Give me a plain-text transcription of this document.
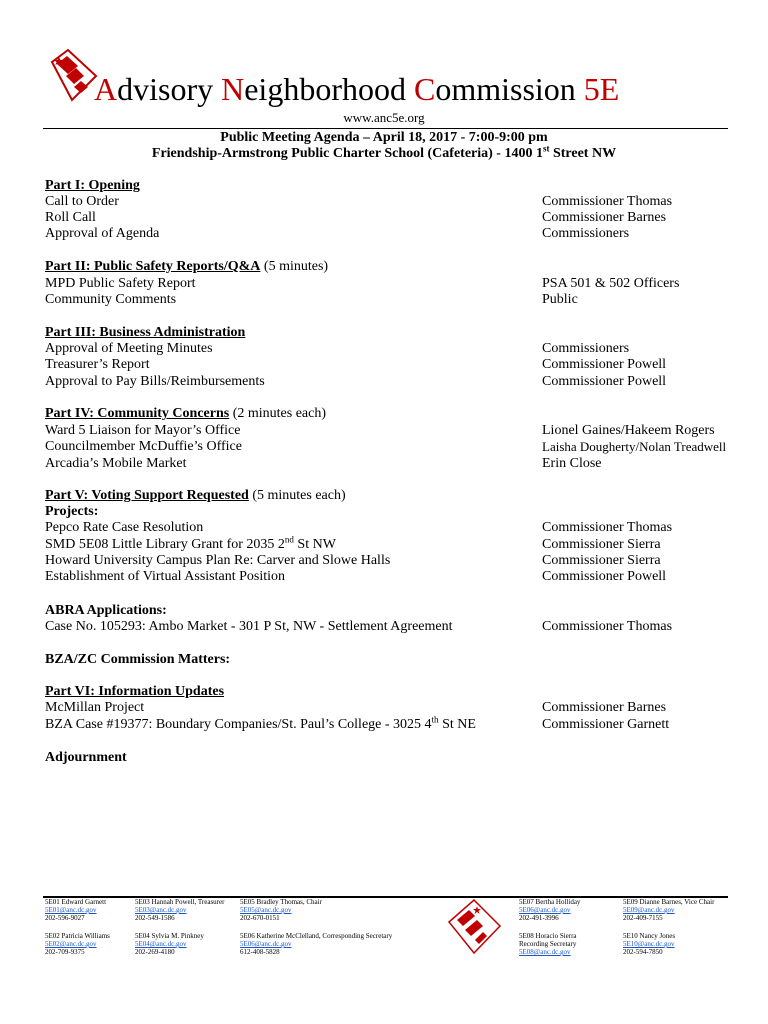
Advisory Neighborhood Commission 5E
www.anc5e.org
Public Meeting Agenda – April 18, 2017 - 7:00-9:00 pm
Friendship-Armstrong Public Charter School (Cafeteria) - 1400 1st Street NW
Part I: Opening
Call to Order	Commissioner Thomas
Roll Call	Commissioner Barnes
Approval of Agenda	Commissioners
Part II: Public Safety Reports/Q&A (5 minutes)
MPD Public Safety Report	PSA 501 & 502 Officers
Community Comments	Public
Part III: Business Administration
Approval of Meeting Minutes	Commissioners
Treasurer’s Report	Commissioner Powell
Approval to Pay Bills/Reimbursements	Commissioner Powell
Part IV: Community Concerns (2 minutes each)
Ward 5 Liaison for Mayor’s Office	Lionel Gaines/Hakeem Rogers
Councilmember McDuffie’s Office	Laisha Dougherty/Nolan Treadwell
Arcadia’s Mobile Market	Erin Close
Part V: Voting Support Requested (5 minutes each)
Projects:
Pepco Rate Case Resolution	Commissioner Thomas
SMD 5E08 Little Library Grant for 2035 2nd St NW	Commissioner Sierra
Howard University Campus Plan Re: Carver and Slowe Halls	Commissioner Sierra
Establishment of Virtual Assistant Position	Commissioner Powell
ABRA Applications:
Case No. 105293: Ambo Market - 301 P St, NW - Settlement Agreement	Commissioner Thomas
BZA/ZC Commission Matters:
Part VI: Information Updates
McMillan Project	Commissioner Barnes
BZA Case #19377: Boundary Companies/St. Paul’s College - 3025 4th St NE	Commissioner Garnett
Adjournment
5E01 Edward Garnett
5E01@anc.dc.gov
202-596-9027
5E02 Patricia Williams
5E02@anc.dc.gov
202-709-9375
5E03 Hannah Powell, Treasurer
5E03@anc.dc.gov
202-549-1586
5E04 Sylvia M. Pinkney
5E04@anc.dc.gov
202-269-4180
5E05 Bradley Thomas, Chair
5E05@anc.dc.gov
202-670-0151
5E06 Katherine McClelland, Corresponding Secretary
5E06@anc.dc.gov
612-408-5828
5E07 Bertha Holliday
5E06@anc.dc.gov
202-491-3996
5E08 Horacio Sierra
Recording Secretary
5E08@anc.dc.gov
5E09 Dianne Barnes, Vice Chair
5E09@anc.dc.gov
202-409-7155
5E10 Nancy Jones
5E10@anc.dc.gov
202-594-7850
